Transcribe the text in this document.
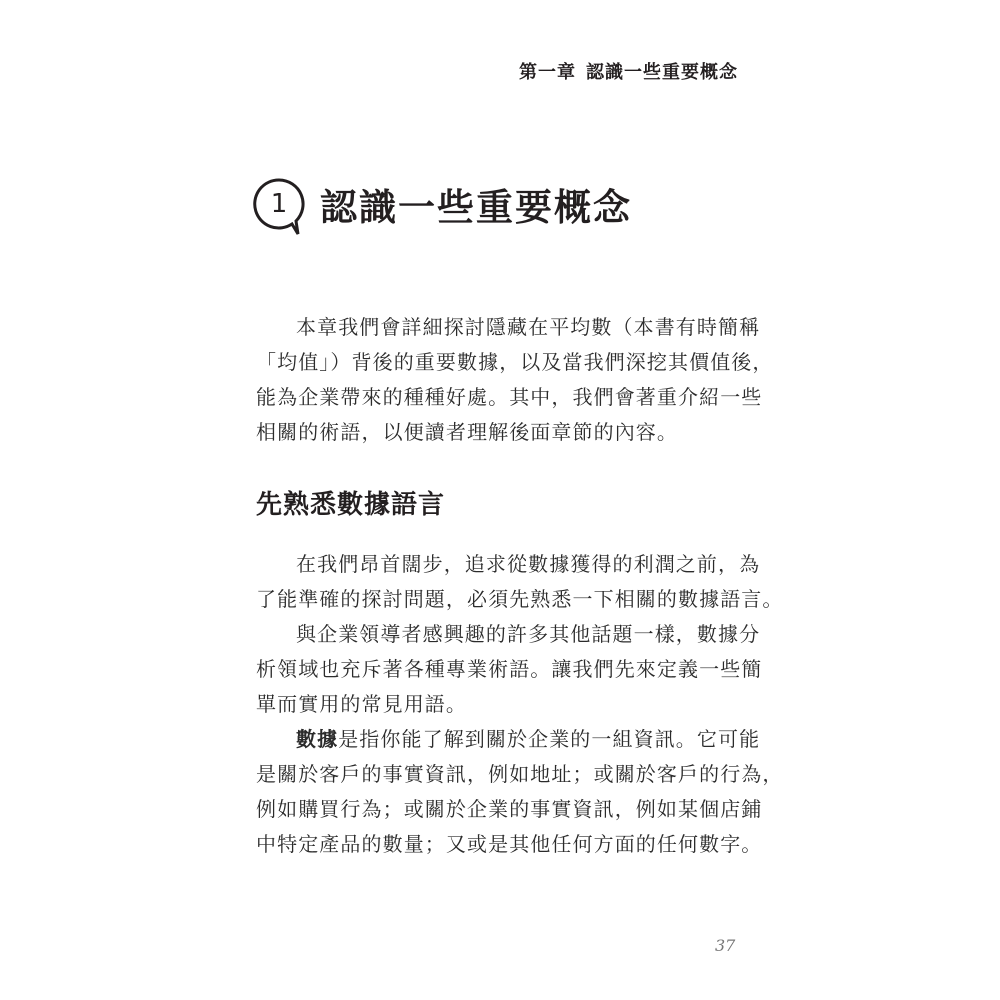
第一章 認識一些重要概念
1 認識一些重要概念
本章我們會詳細探討隱藏在平均數（本書有時簡稱
「均值」）背後的重要數據，以及當我們深挖其價值後，
能為企業帶來的種種好處。其中，我們會著重介紹一些
相關的術語，以便讀者理解後面章節的內容。
先熟悉數據語言
在我們昂首闊步，追求從數據獲得的利潤之前，為
了能準確的探討問題，必須先熟悉一下相關的數據語言。
與企業領導者感興趣的許多其他話題一樣，數據分
析領域也充斥著各種專業術語。讓我們先來定義一些簡
單而實用的常見用語。
數據是指你能了解到關於企業的一組資訊。它可能
是關於客戶的事實資訊，例如地址；或關於客戶的行為，
例如購買行為；或關於企業的事實資訊，例如某個店鋪
中特定產品的數量；又或是其他任何方面的任何數字。
37
